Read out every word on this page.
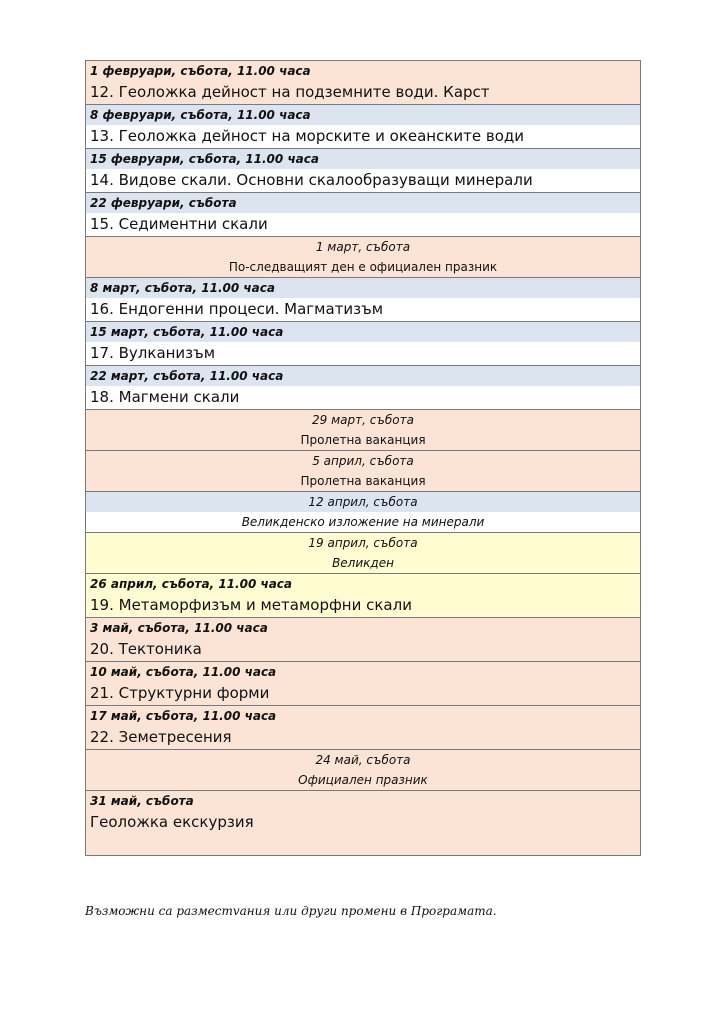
1 февруари, събота, 11.00 часа
12. Геоложка дейност на подземните води. Карст
8 февруари, събота, 11.00 часа
13. Геоложка дейност на морските и океанските води
15 февруари, събота, 11.00 часа
14. Видове скали. Основни скалообразуващи минерали
22 февруари, събота
15. Седиментни скали
1 март, събота
По-следващият ден е официален празник
8 март, събота, 11.00 часа
16. Ендогенни процеси. Магматизъм
15 март, събота, 11.00 часа
17. Вулканизъм
22 март, събота, 11.00 часа
18. Магмени скали
29 март, събота
Пролетна ваканция
5 април, събота
Пролетна ваканция
12 април, събота
Великденско изложение на минерали
19 април, събота
Великден
26 април, събота, 11.00 часа
19. Метаморфизъм и метаморфни скали
3 май, събота, 11.00 часа
20. Тектоника
10 май, събота, 11.00 часа
21. Структурни форми
17 май, събота, 11.00 часа
22. Земетресения
24 май, събота
Официален празник
31 май, събота
Геоложка екскурзия
Възможни са разместvания или други промени в Програмата.
